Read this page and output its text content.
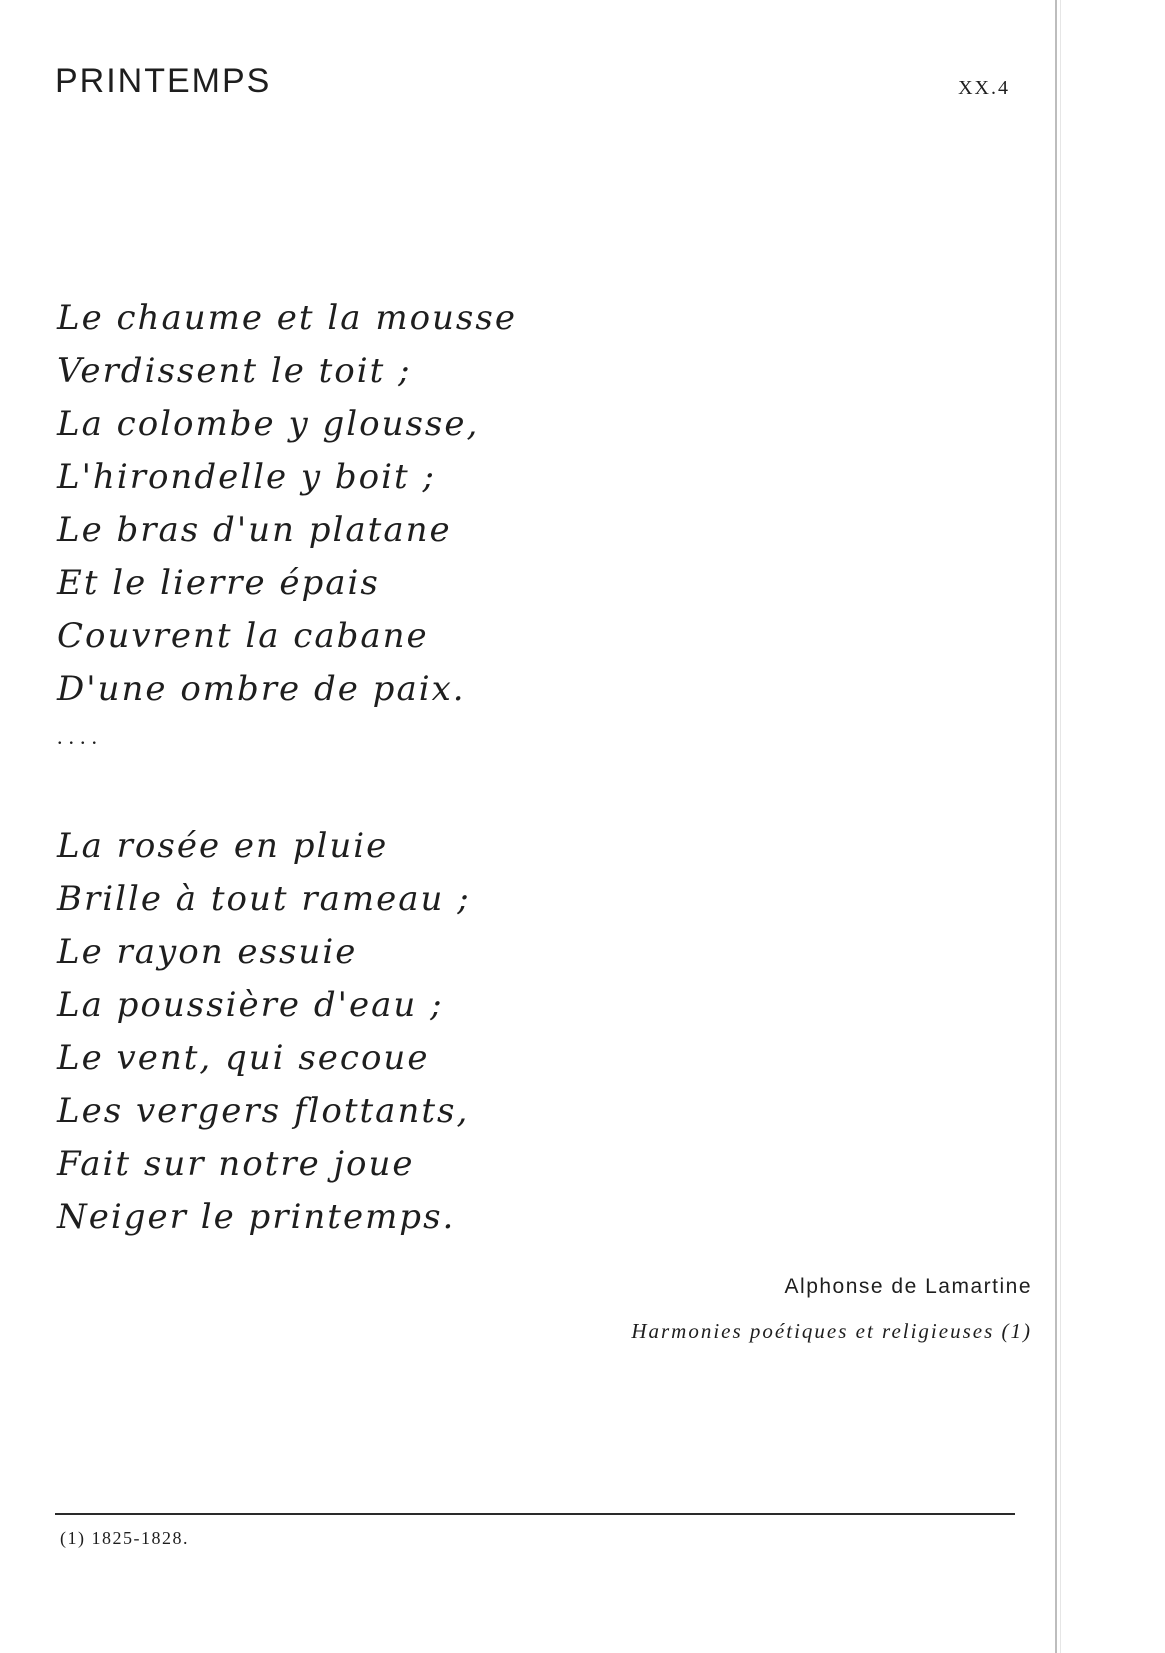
PRINTEMPS	XX.4
Le chaume et la mousse
Verdissent le toit ;
La colombe y glousse,
L'hirondelle y boit ;
Le bras d'un platane
Et le lierre épais
Couvrent la cabane
D'une ombre de paix.
....
La rosée en pluie
Brille à tout rameau ;
Le rayon essuie
La poussière d'eau ;
Le vent, qui secoue
Les vergers flottants,
Fait sur notre joue
Neiger le printemps.
Alphonse de Lamartine
Harmonies poétiques et religieuses (1)
(1) 1825-1828.
